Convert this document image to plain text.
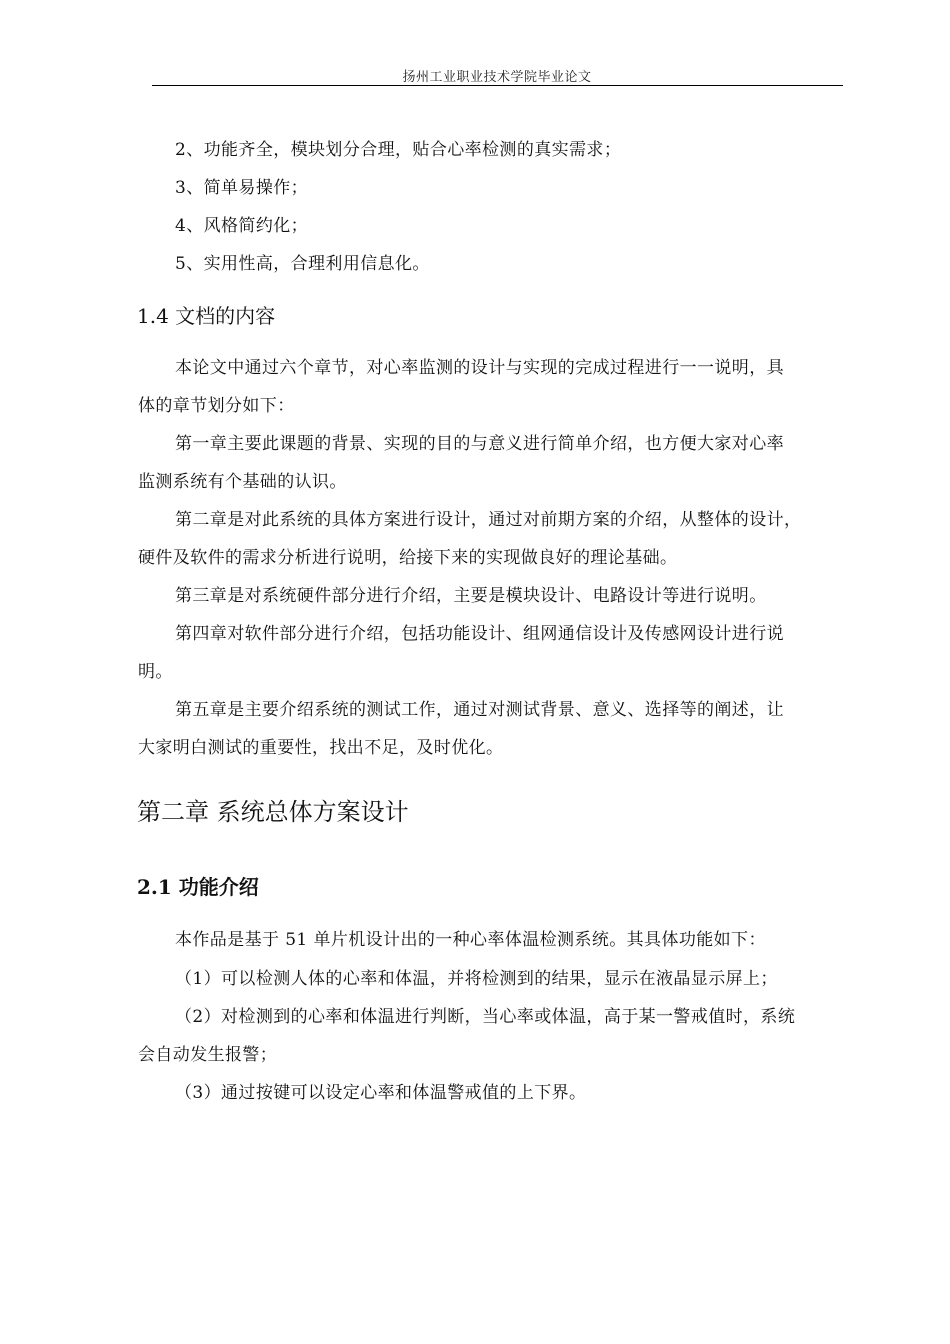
扬州工业职业技术学院毕业论文
2、功能齐全，模块划分合理，贴合心率检测的真实需求；
3、简单易操作；
4、风格简约化；
5、实用性高，合理利用信息化。
1.4 文档的内容
本论文中通过六个章节，对心率监测的设计与实现的完成过程进行一一说明，具
体的章节划分如下：
第一章主要此课题的背景、实现的目的与意义进行简单介绍，也方便大家对心率
监测系统有个基础的认识。
第二章是对此系统的具体方案进行设计，通过对前期方案的介绍，从整体的设计，
硬件及软件的需求分析进行说明，给接下来的实现做良好的理论基础。
第三章是对系统硬件部分进行介绍，主要是模块设计、电路设计等进行说明。
第四章对软件部分进行介绍，包括功能设计、组网通信设计及传感网设计进行说
明。
第五章是主要介绍系统的测试工作，通过对测试背景、意义、选择等的阐述，让
大家明白测试的重要性，找出不足，及时优化。
第二章 系统总体方案设计
2.1 功能介绍
本作品是基于 51 单片机设计出的一种心率体温检测系统。其具体功能如下：
（1）可以检测人体的心率和体温，并将检测到的结果，显示在液晶显示屏上；
（2）对检测到的心率和体温进行判断，当心率或体温，高于某一警戒值时，系统
会自动发生报警；
（3）通过按键可以设定心率和体温警戒值的上下界。
